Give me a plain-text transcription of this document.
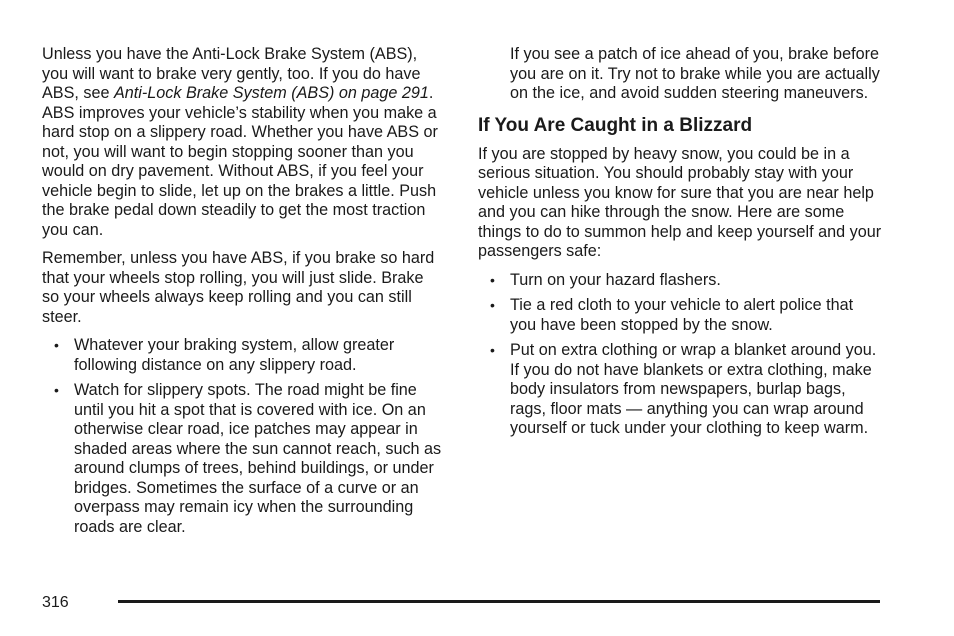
Unless you have the Anti-Lock Brake System (ABS), you will want to brake very gently, too. If you do have ABS, see Anti-Lock Brake System (ABS) on page 291. ABS improves your vehicle’s stability when you make a hard stop on a slippery road. Whether you have ABS or not, you will want to begin stopping sooner than you would on dry pavement. Without ABS, if you feel your vehicle begin to slide, let up on the brakes a little. Push the brake pedal down steadily to get the most traction you can.

Remember, unless you have ABS, if you brake so hard that your wheels stop rolling, you will just slide. Brake so your wheels always keep rolling and you can still steer.

• Whatever your braking system, allow greater following distance on any slippery road.
• Watch for slippery spots. The road might be fine until you hit a spot that is covered with ice. On an otherwise clear road, ice patches may appear in shaded areas where the sun cannot reach, such as around clumps of trees, behind buildings, or under bridges. Sometimes the surface of a curve or an overpass may remain icy when the surrounding roads are clear.

If you see a patch of ice ahead of you, brake before you are on it. Try not to brake while you are actually on the ice, and avoid sudden steering maneuvers.

If You Are Caught in a Blizzard

If you are stopped by heavy snow, you could be in a serious situation. You should probably stay with your vehicle unless you know for sure that you are near help and you can hike through the snow. Here are some things to do to summon help and keep yourself and your passengers safe:

• Turn on your hazard flashers.
• Tie a red cloth to your vehicle to alert police that you have been stopped by the snow.
• Put on extra clothing or wrap a blanket around you. If you do not have blankets or extra clothing, make body insulators from newspapers, burlap bags, rags, floor mats — anything you can wrap around yourself or tuck under your clothing to keep warm.
316
